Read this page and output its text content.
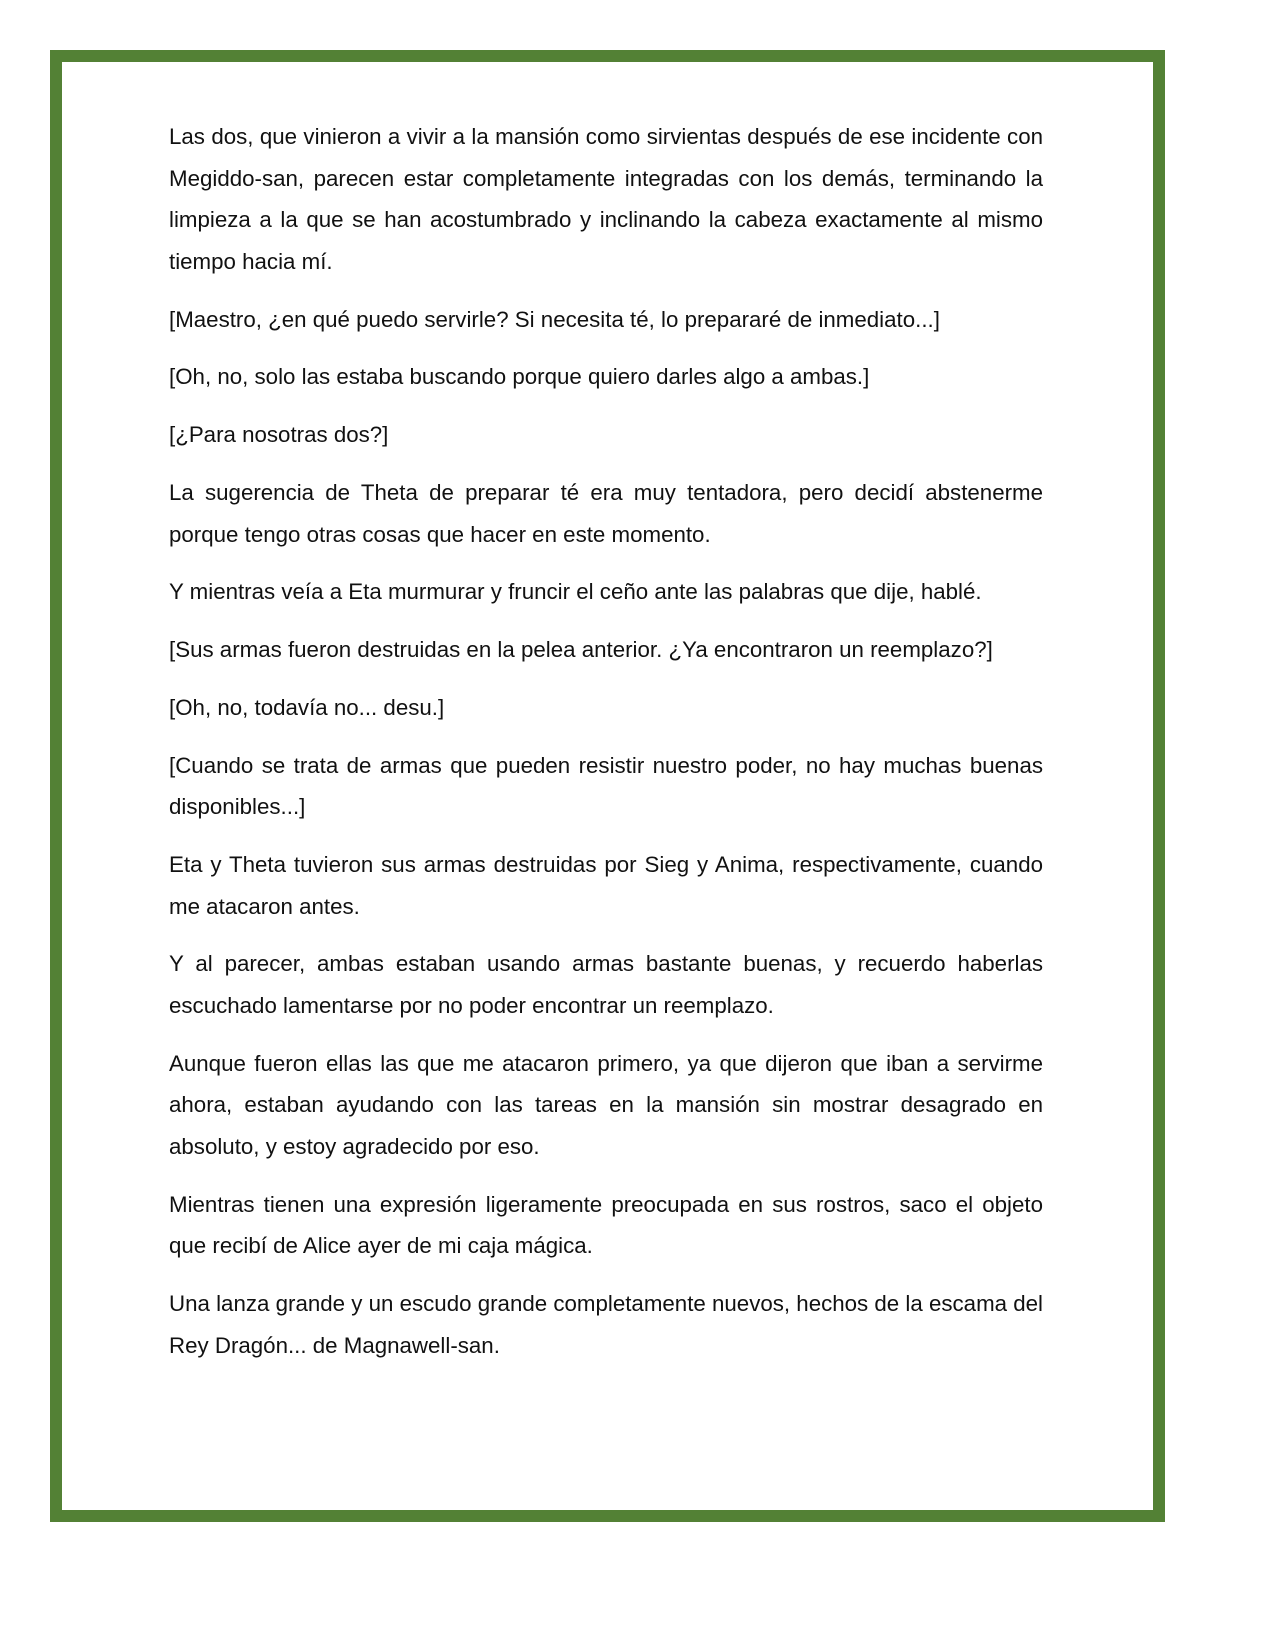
Las dos, que vinieron a vivir a la mansión como sirvientas después de ese incidente con Megiddo-san, parecen estar completamente integradas con los demás, terminando la limpieza a la que se han acostumbrado y inclinando la cabeza exactamente al mismo tiempo hacia mí.

[Maestro, ¿en qué puedo servirle? Si necesita té, lo prepararé de inmediato...]

[Oh, no, solo las estaba buscando porque quiero darles algo a ambas.]

[¿Para nosotras dos?]

La sugerencia de Theta de preparar té era muy tentadora, pero decidí abstenerme porque tengo otras cosas que hacer en este momento.

Y mientras veía a Eta murmurar y fruncir el ceño ante las palabras que dije, hablé.

[Sus armas fueron destruidas en la pelea anterior. ¿Ya encontraron un reemplazo?]

[Oh, no, todavía no... desu.]

[Cuando se trata de armas que pueden resistir nuestro poder, no hay muchas buenas disponibles...]

Eta y Theta tuvieron sus armas destruidas por Sieg y Anima, respectivamente, cuando me atacaron antes.

Y al parecer, ambas estaban usando armas bastante buenas, y recuerdo haberlas escuchado lamentarse por no poder encontrar un reemplazo.

Aunque fueron ellas las que me atacaron primero, ya que dijeron que iban a servirme ahora, estaban ayudando con las tareas en la mansión sin mostrar desagrado en absoluto, y estoy agradecido por eso.

Mientras tienen una expresión ligeramente preocupada en sus rostros, saco el objeto que recibí de Alice ayer de mi caja mágica.

Una lanza grande y un escudo grande completamente nuevos, hechos de la escama del Rey Dragón... de Magnawell-san.
